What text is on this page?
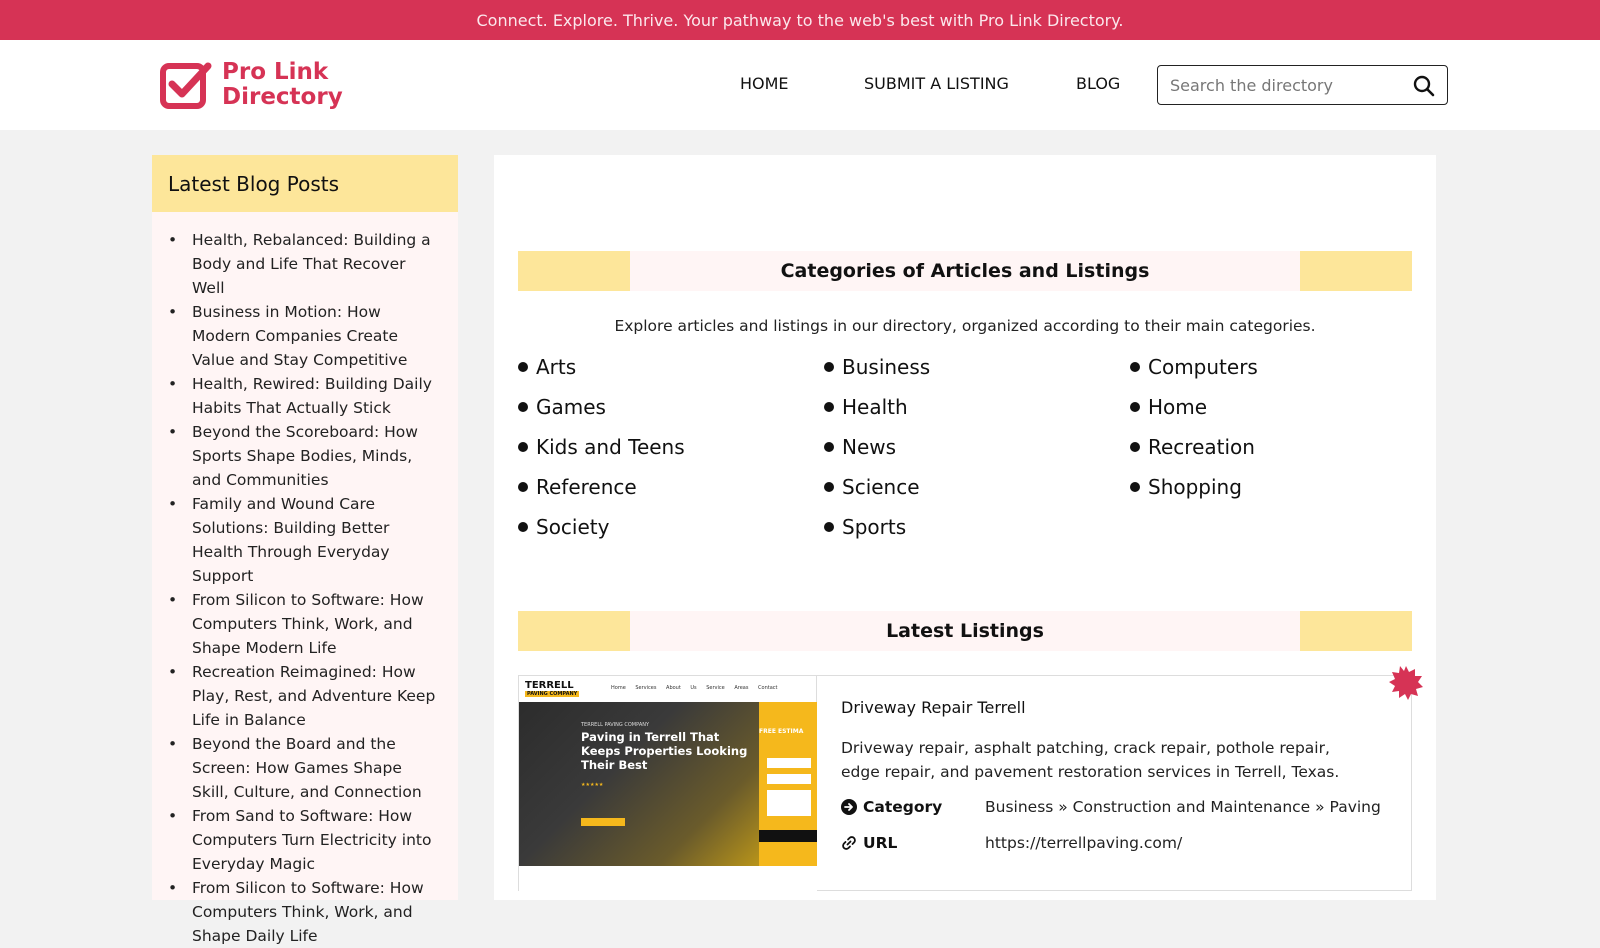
Connect. Explore. Thrive. Your pathway to the web's best with Pro Link Directory.
Pro Link
Directory
HOME	SUBMIT A LISTING	BLOG
Search the directory
Latest Blog Posts
• Health, Rebalanced: Building a Body and Life That Recover Well
• Business in Motion: How Modern Companies Create Value and Stay Competitive
• Health, Rewired: Building Daily Habits That Actually Stick
• Beyond the Scoreboard: How Sports Shape Bodies, Minds, and Communities
• Family and Wound Care Solutions: Building Better Health Through Everyday Support
• From Silicon to Software: How Computers Think, Work, and Shape Modern Life
• Recreation Reimagined: How Play, Rest, and Adventure Keep Life in Balance
• Beyond the Board and the Screen: How Games Shape Skill, Culture, and Connection
• From Sand to Software: How Computers Turn Electricity into Everyday Magic
• From Silicon to Software: How Computers Think, Work, and Shape Daily Life
Categories of Articles and Listings
Explore articles and listings in our directory, organized according to their main categories.
Arts	Business	Computers
Games	Health	Home
Kids and Teens	News	Recreation
Reference	Science	Shopping
Society	Sports
Latest Listings
TERRELL
PAVING COMPANY
Home Services About Us Service Areas Contact
TERRELL PAVING COMPANY
Paving in Terrell That Keeps Properties Looking Their Best
★★★★★
FREE ESTIMA
Driveway Repair Terrell
Driveway repair, asphalt patching, crack repair, pothole repair, edge repair, and pavement restoration services in Terrell, Texas.
Category	Business » Construction and Maintenance » Paving
URL	https://terrellpaving.com/
